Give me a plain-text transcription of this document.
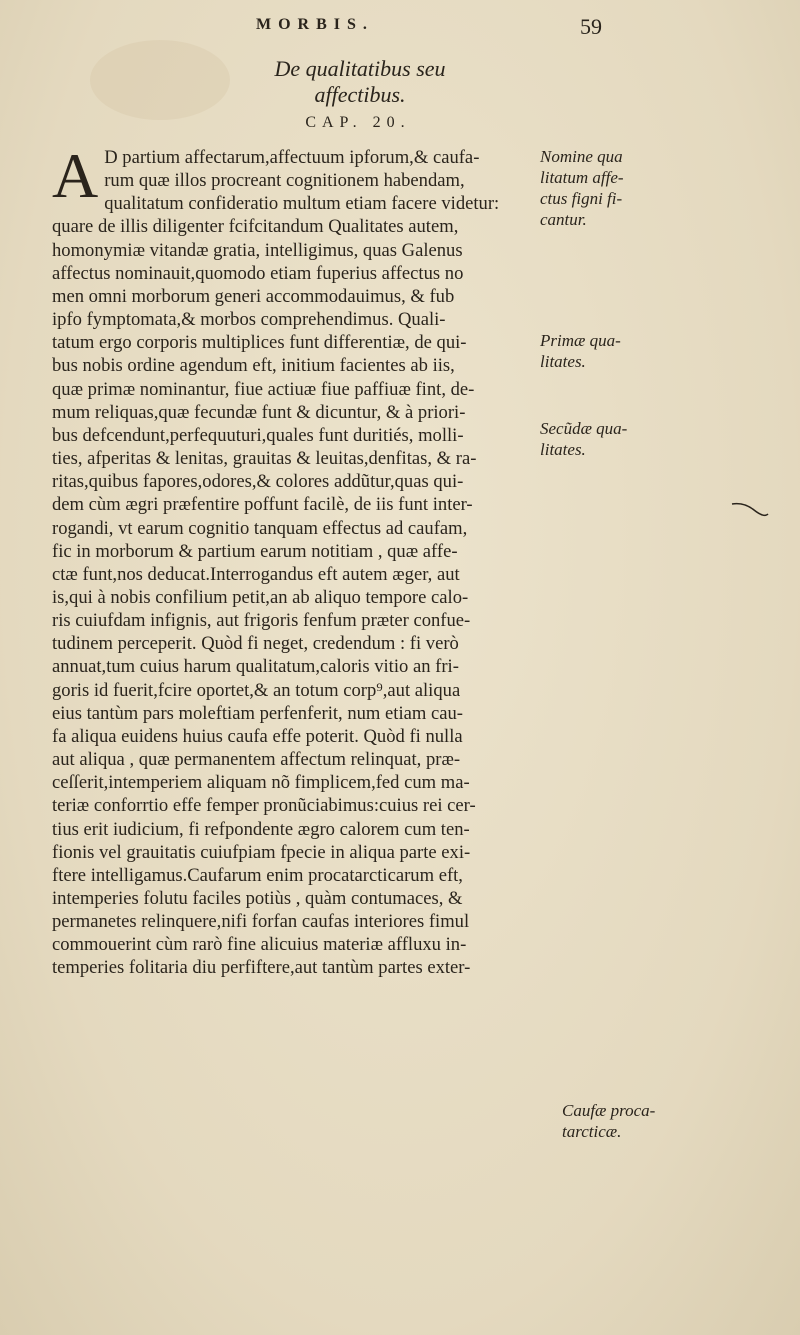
MORBIS.	59
De qualitatibus seu affectibus.
CAP. 20.
A D partium affectarum,affectuum ipforum,& caufa-
rum quæ illos procreant cognitionem habendam,
qualitatum confideratio multum etiam facere videtur:
quare de illis diligenter fcifcitandum Qualitates autem,
homonymiæ vitandæ gratia, intelligimus, quas Galenus
affectus nominauit,quomodo etiam fuperius affectus no
men omni morborum generi accommodauimus, & fub
ipfo fymptomata,& morbos comprehendimus. Quali-
tatum ergo corporis multiplices funt differentiæ, de qui-
bus nobis ordine agendum eft, initium facientes ab iis,
quæ primæ nominantur, fiue actiuæ fiue paffiuæ fint, de-
mum reliquas,quæ fecundæ funt & dicuntur, & à priori-
bus defcendunt,perfequuturi,quales funt duritiés, molli-
ties, afperitas & lenitas, grauitas & leuitas,denfitas, & ra-
ritas,quibus fapores,odores,& colores addũtur,quas qui-
dem cùm ægri præfentire poffunt facilè, de iis funt inter-
rogandi, vt earum cognitio tanquam effectus ad caufam,
fic in morborum & partium earum notitiam , quæ affe-
ctæ funt,nos deducat.Interrogandus eft autem æger, aut
is,qui à nobis confilium petit,an ab aliquo tempore calo-
ris cuiufdam infignis, aut frigoris fenfum præter confue-
tudinem perceperit. Quòd fi neget, credendum : fi verò
annuat,tum cuius harum qualitatum,caloris vitio an fri-
goris id fuerit,fcire oportet,& an totum corp⁹,aut aliqua
eius tantùm pars moleftiam perfenferit, num etiam cau-
fa aliqua euidens huius caufa effe poterit. Quòd fi nulla
aut aliqua , quæ permanentem affectum relinquat, præ-
ceſſerit,intemperiem aliquam nõ fimplicem,fed cum ma-
teriæ conforrtio effe femper pronũciabimus:cuius rei cer-
tius erit iudicium, fi refpondente ægro calorem cum ten-
fionis vel grauitatis cuiufpiam fpecie in aliqua parte exi-
ftere intelligamus.Caufarum enim procatarcticarum eft,
intemperies folutu faciles potiùs , quàm contumaces, &
permanetes relinquere,nifi forfan caufas interiores fimul
commouerint cùm rarò fine alicuius materiæ affluxu in-
temperies folitaria diu perfiftere,aut tantùm partes exter-
Nomine qua
litatum affe-
ctus figni fi-
cantur.
Primæ qua-
litates.
Secũdæ qua-
litates.
Caufæ proca-
tarcticæ.
